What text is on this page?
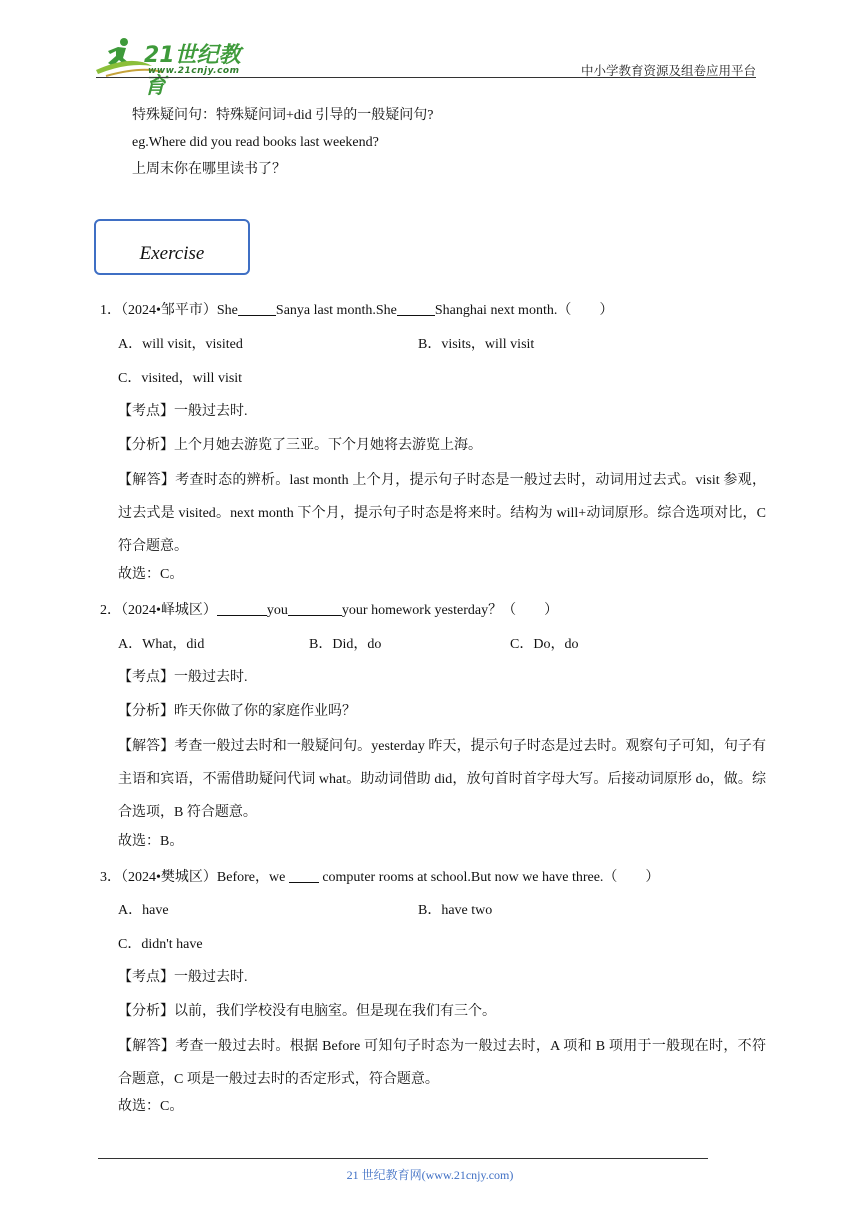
21世纪教育
www.21cnjy.com	中小学教育资源及组卷应用平台
特殊疑问句：特殊疑问词+did 引导的一般疑问句?
eg.Where did you read books last weekend?
上周末你在哪里读书了？
Exercise
1．（2024•邹平市）She	Sanya last month.She	Shanghai next month.（　　）
A．will visit，visited	B．visits，will visit
C．visited，will visit
【考点】一般过去时.
【分析】上个月她去游览了三亚。下个月她将去游览上海。
【解答】考查时态的辨析。last month 上个月，提示句子时态是一般过去时，动词用过去式。visit 参观，过去式是 visited。next month 下个月，提示句子时态是将来时。结构为 will+动词原形。综合选项对比，C 符合题意。
故选：C。
2．（2024•峄城区）	you	your homework yesterday？（　　）
A．What，did	B．Did，do	C．Do，do
【考点】一般过去时.
【分析】昨天你做了你的家庭作业吗？
【解答】考查一般过去时和一般疑问句。yesterday 昨天，提示句子时态是过去时。观察句子可知，句子有主语和宾语，不需借助疑问代词 what。助动词借助 did，放句首时首字母大写。后接动词原形 do，做。综合选项，B 符合题意。
故选：B。
3．（2024•樊城区）Before，we	computer rooms at school.But now we have three.（　　）
A．have	B．have two
C．didn't have
【考点】一般过去时.
【分析】以前，我们学校没有电脑室。但是现在我们有三个。
【解答】考查一般过去时。根据 Before 可知句子时态为一般过去时，A 项和 B 项用于一般现在时，不符合题意，C 项是一般过去时的否定形式，符合题意。
故选：C。
21 世纪教育网(www.21cnjy.com)
